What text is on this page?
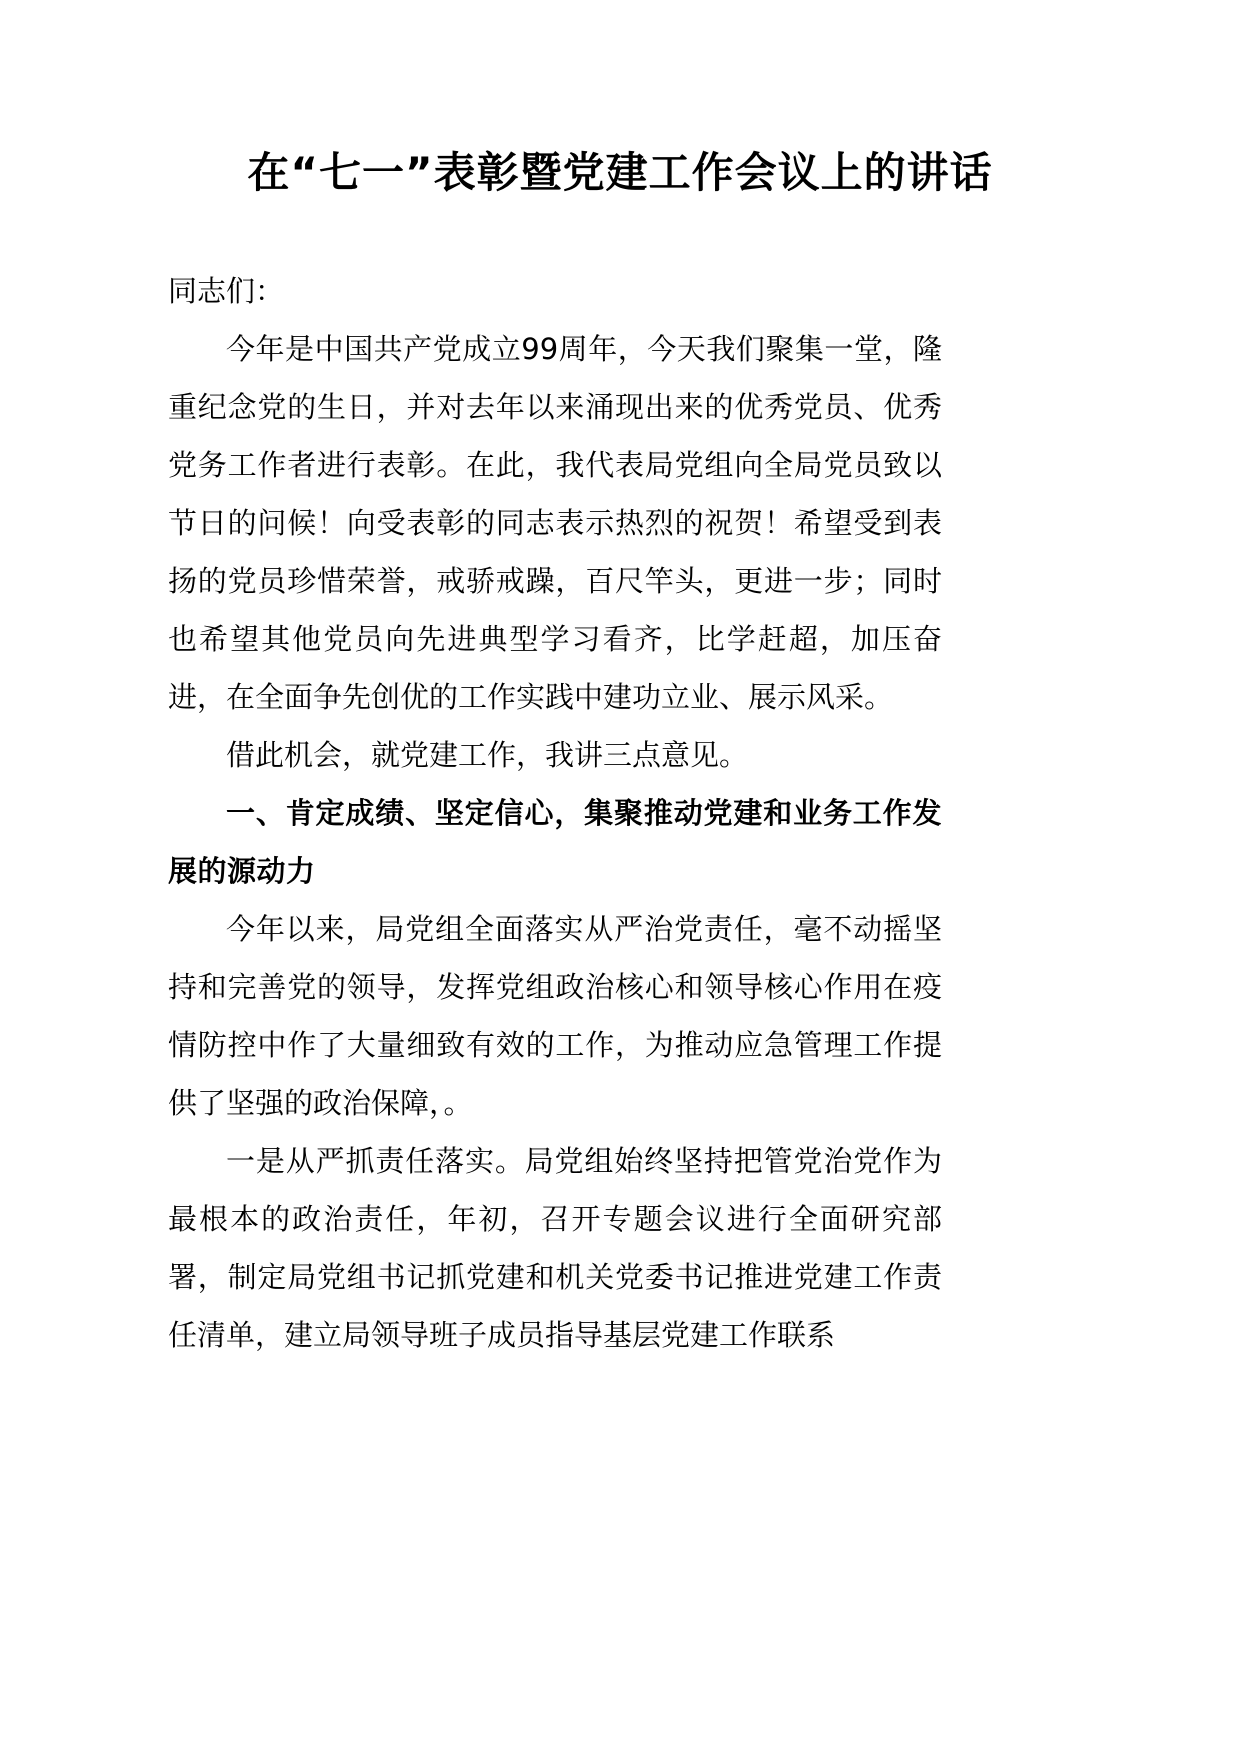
在“七一”表彰暨党建工作会议上的讲话

同志们：

今年是中国共产党成立99周年，今天我们聚集一堂，隆重纪念党的生日，并对去年以来涌现出来的优秀党员、优秀党务工作者进行表彰。在此，我代表局党组向全局党员致以节日的问候！向受表彰的同志表示热烈的祝贺！希望受到表扬的党员珍惜荣誉，戒骄戒躁，百尺竿头，更进一步；同时也希望其他党员向先进典型学习看齐，比学赶超，加压奋进，在全面争先创优的工作实践中建功立业、展示风采。

借此机会，就党建工作，我讲三点意见。

一、肯定成绩、坚定信心，集聚推动党建和业务工作发展的源动力

今年以来，局党组全面落实从严治党责任，毫不动摇坚持和完善党的领导，发挥党组政治核心和领导核心作用在疫情防控中作了大量细致有效的工作，为推动应急管理工作提供了坚强的政治保障，。

一是从严抓责任落实。局党组始终坚持把管党治党作为最根本的政治责任，年初，召开专题会议进行全面研究部署，制定局党组书记抓党建和机关党委书记推进党建工作责任清单，建立局领导班子成员指导基层党建工作联系
